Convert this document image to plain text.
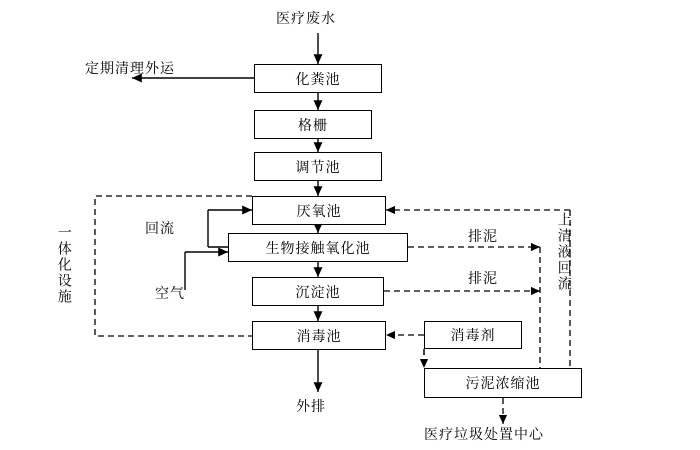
医疗废水
定期清理外运
化粪池
格栅
调节池
厌氧池
生物接触氧化池
沉淀池
消毒池	消毒剂
污泥浓缩池
回流
空气
一体化设施	排泥
排泥	上清液回流
外排
医疗垃圾处置中心
